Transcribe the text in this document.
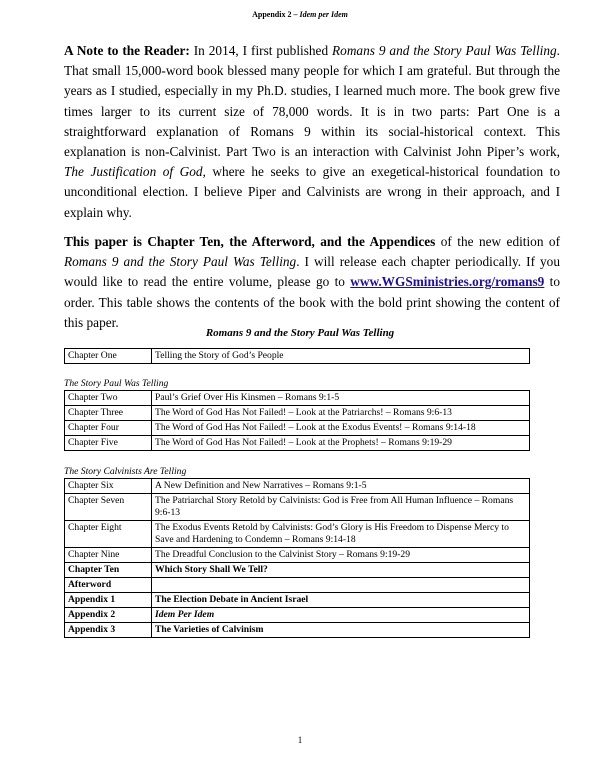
Appendix 2 – Idem per Idem
A Note to the Reader: In 2014, I first published Romans 9 and the Story Paul Was Telling. That small 15,000-word book blessed many people for which I am grateful. But through the years as I studied, especially in my Ph.D. studies, I learned much more. The book grew five times larger to its current size of 78,000 words. It is in two parts: Part One is a straightforward explanation of Romans 9 within its social-historical context. This explanation is non-Calvinist. Part Two is an interaction with Calvinist John Piper’s work, The Justification of God, where he seeks to give an exegetical-historical foundation to unconditional election. I believe Piper and Calvinists are wrong in their approach, and I explain why.
This paper is Chapter Ten, the Afterword, and the Appendices of the new edition of Romans 9 and the Story Paul Was Telling. I will release each chapter periodically. If you would like to read the entire volume, please go to www.WGSministries.org/romans9 to order. This table shows the contents of the book with the bold print showing the content of this paper.
Romans 9 and the Story Paul Was Telling
Chapter One	Telling the Story of God’s People
The Story Paul Was Telling
Chapter Two	Paul’s Grief Over His Kinsmen – Romans 9:1-5
Chapter Three	The Word of God Has Not Failed! – Look at the Patriarchs! – Romans 9:6-13
Chapter Four	The Word of God Has Not Failed! – Look at the Exodus Events! – Romans 9:14-18
Chapter Five	The Word of God Has Not Failed! – Look at the Prophets! – Romans 9:19-29
The Story Calvinists Are Telling
Chapter Six	A New Definition and New Narratives – Romans 9:1-5
Chapter Seven	The Patriarchal Story Retold by Calvinists: God is Free from All Human Influence – Romans 9:6-13
Chapter Eight	The Exodus Events Retold by Calvinists: God’s Glory is His Freedom to Dispense Mercy to Save and Hardening to Condemn – Romans 9:14-18
Chapter Nine	The Dreadful Conclusion to the Calvinist Story – Romans 9:19-29
Chapter Ten	Which Story Shall We Tell?
Afterword	
Appendix 1	The Election Debate in Ancient Israel
Appendix 2	Idem Per Idem
Appendix 3	The Varieties of Calvinism
1
